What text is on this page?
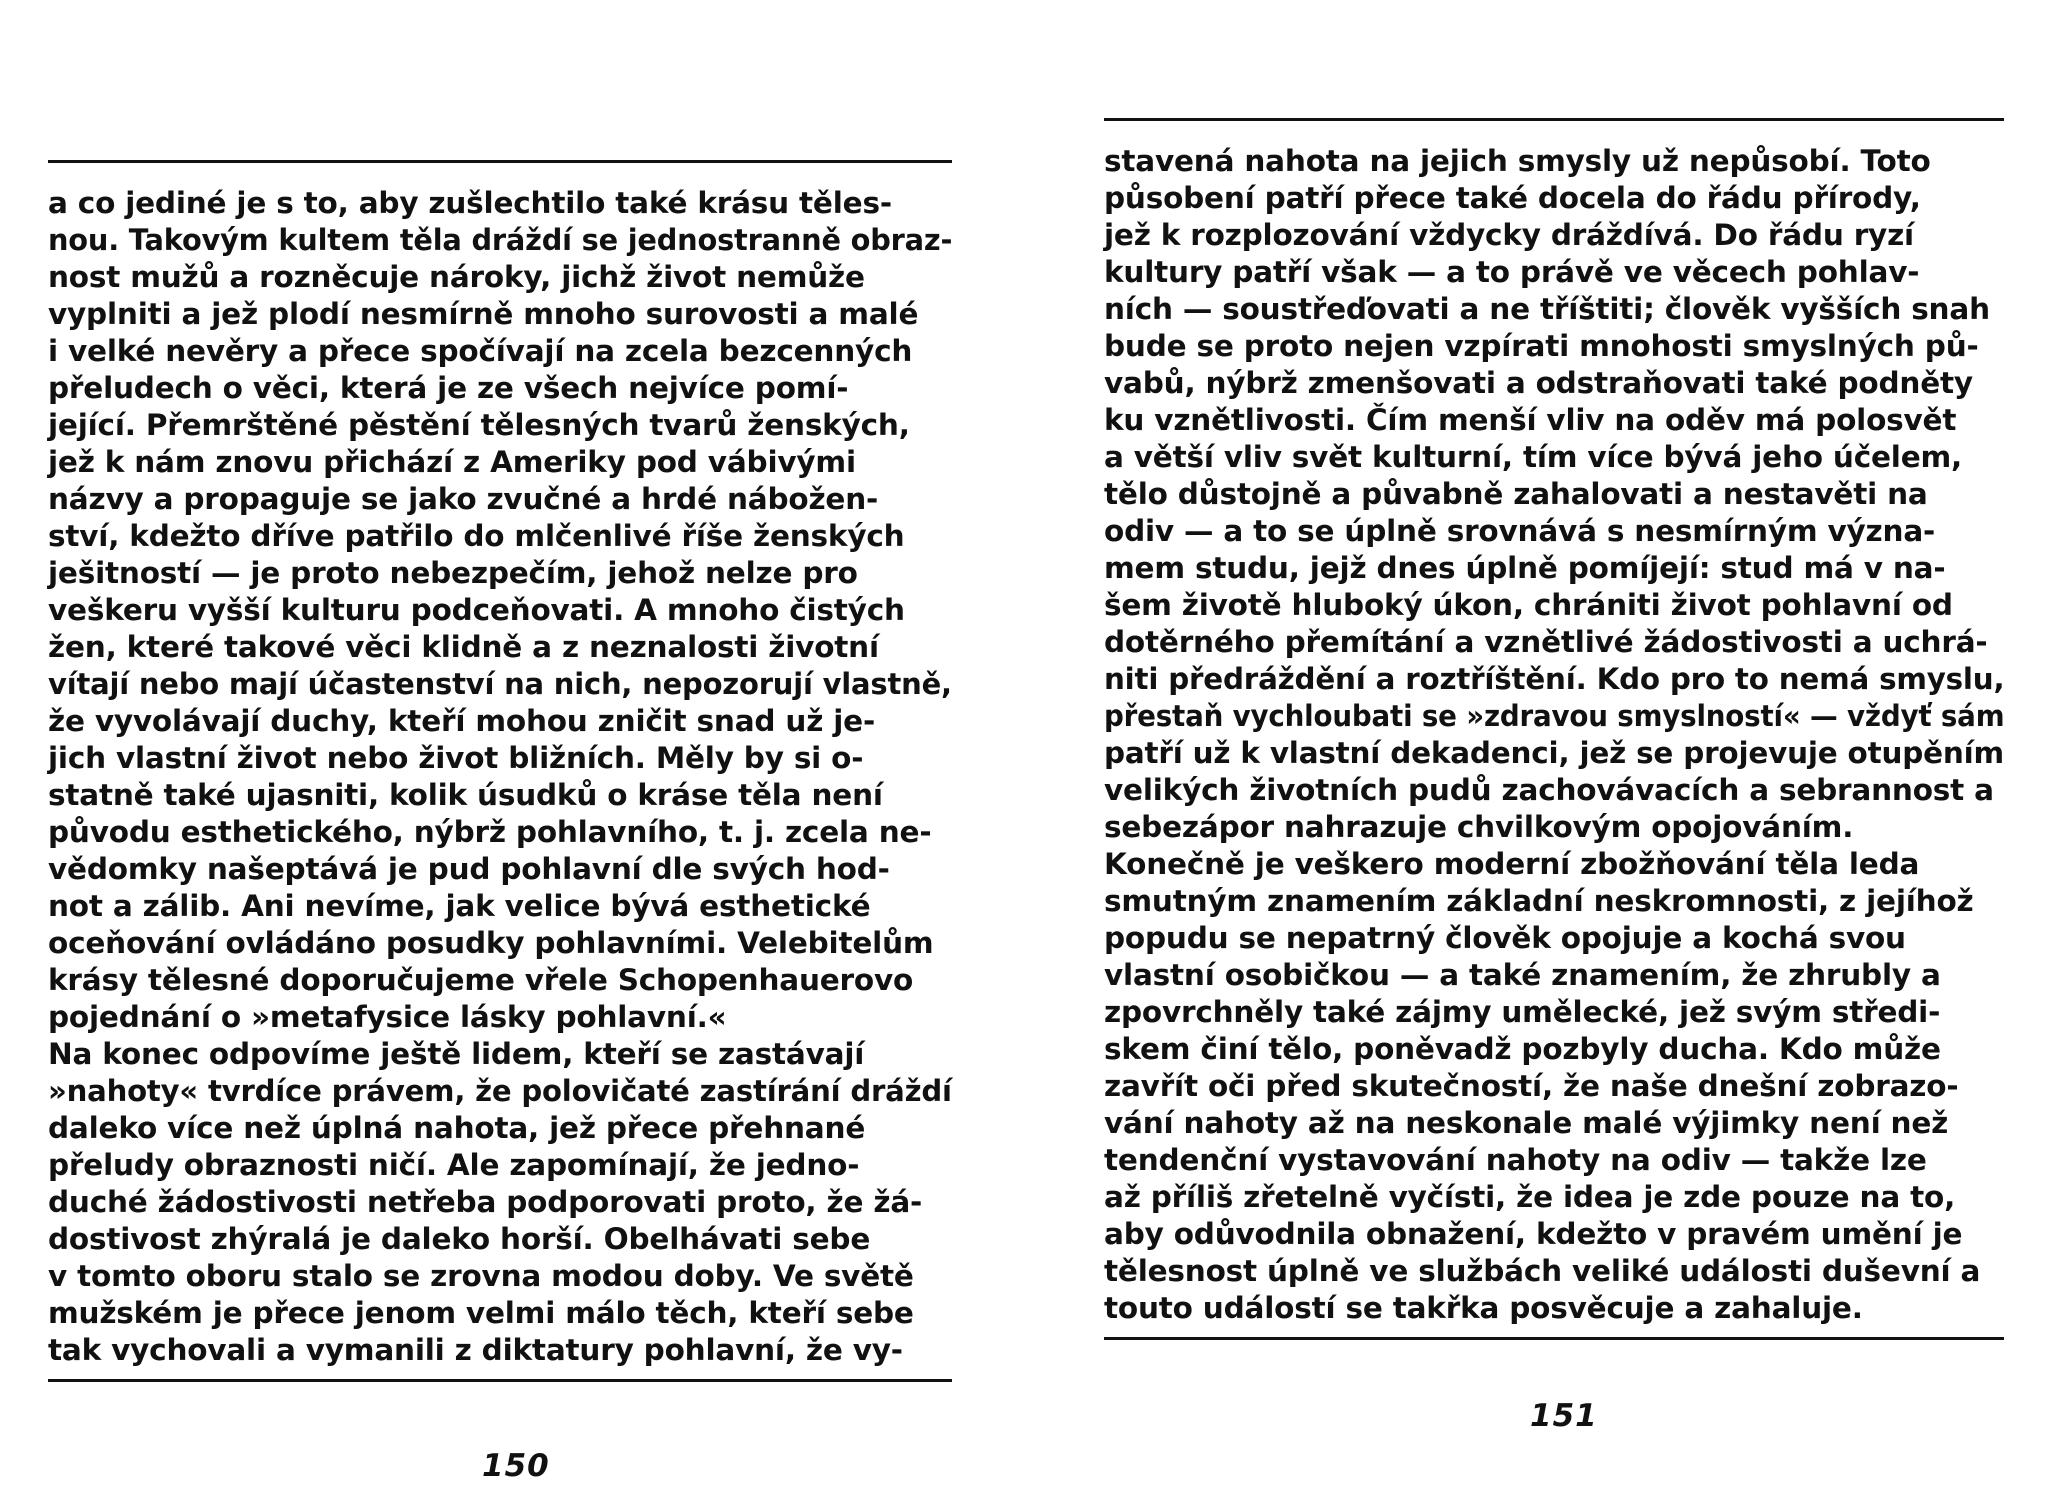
a co jediné je s to, aby zušlechtilo také krásu těles-
nou. Takovým kultem těla dráždí se jednostranně obraz-
nost mužů a rozněcuje nároky, jichž život nemůže
vyplniti a jež plodí nesmírně mnoho surovosti a malé
i velké nevěry a přece spočívají na zcela bezcenných
přeludech o věci, která je ze všech nejvíce pomí-
jející. Přemrštěné pěstění tělesných tvarů ženských,
jež k nám znovu přichází z Ameriky pod vábivými
názvy a propaguje se jako zvučné a hrdé nábožen-
ství, kdežto dříve patřilo do mlčenlivé říše ženských
ješitností — je proto nebezpečím, jehož nelze pro
veškeru vyšší kulturu podceňovati. A mnoho čistých
žen, které takové věci klidně a z neznalosti životní
vítají nebo mají účastenství na nich, nepozorují vlastně,
že vyvolávají duchy, kteří mohou zničit snad už je-
jich vlastní život nebo život bližních. Měly by si o-
statně také ujasniti, kolik úsudků o kráse těla není
původu esthetického, nýbrž pohlavního, t. j. zcela ne-
vědomky našeptává je pud pohlavní dle svých hod-
not a zálib. Ani nevíme, jak velice bývá esthetické
oceňování ovládáno posudky pohlavními. Velebitelům
krásy tělesné doporučujeme vřele Schopenhauerovo
pojednání o »metafysice lásky pohlavní.«
Na konec odpovíme ještě lidem, kteří se zastávají
»nahoty« tvrdíce právem, že polovičaté zastírání dráždí
daleko více než úplná nahota, jež přece přehnané
přeludy obraznosti ničí. Ale zapomínají, že jedno-
duché žádostivosti netřeba podporovati proto, že žá-
dostivost zhýralá je daleko horší. Obelhávati sebe
v tomto oboru stalo se zrovna modou doby. Ve světě
mužském je přece jenom velmi málo těch, kteří sebe
tak vychovali a vymanili z diktatury pohlavní, že vy-
150
stavená nahota na jejich smysly už nepůsobí. Toto
působení patří přece také docela do řádu přírody,
jež k rozplozování vždycky dráždívá. Do řádu ryzí
kultury patří však — a to právě ve věcech pohlav-
ních — soustřeďovati a ne tříštiti; člověk vyšších snah
bude se proto nejen vzpírati mnohosti smyslných pů-
vabů, nýbrž zmenšovati a odstraňovati také podněty
ku vznětlivosti. Čím menší vliv na oděv má polosvět
a větší vliv svět kulturní, tím více bývá jeho účelem,
tělo důstojně a půvabně zahalovati a nestavěti na
odiv — a to se úplně srovnává s nesmírným význa-
mem studu, jejž dnes úplně pomíjejí: stud má v na-
šem životě hluboký úkon, chrániti život pohlavní od
dotěrného přemítání a vznětlivé žádostivosti a uchrá-
niti předráždění a roztříštění. Kdo pro to nemá smyslu,
přestaň vychloubati se »zdravou smyslností« — vždyť sám
patří už k vlastní dekadenci, jež se projevuje otupěním
velikých životních pudů zachovávacích a sebrannost a
sebezápor nahrazuje chvilkovým opojováním.
Konečně je veškero moderní zbožňování těla leda
smutným znamením základní neskromnosti, z jejíhož
popudu se nepatrný člověk opojuje a kochá svou
vlastní osobičkou — a také znamením, že zhrubly a
zpovrchněly také zájmy umělecké, jež svým středi-
skem činí tělo, poněvadž pozbyly ducha. Kdo může
zavřít oči před skutečností, že naše dnešní zobrazo-
vání nahoty až na neskonale malé výjimky není než
tendenční vystavování nahoty na odiv — takže lze
až příliš zřetelně vyčísti, že idea je zde pouze na to,
aby odůvodnila obnažení, kdežto v pravém umění je
tělesnost úplně ve službách veliké události duševní a
touto událostí se takřka posvěcuje a zahaluje.
151
